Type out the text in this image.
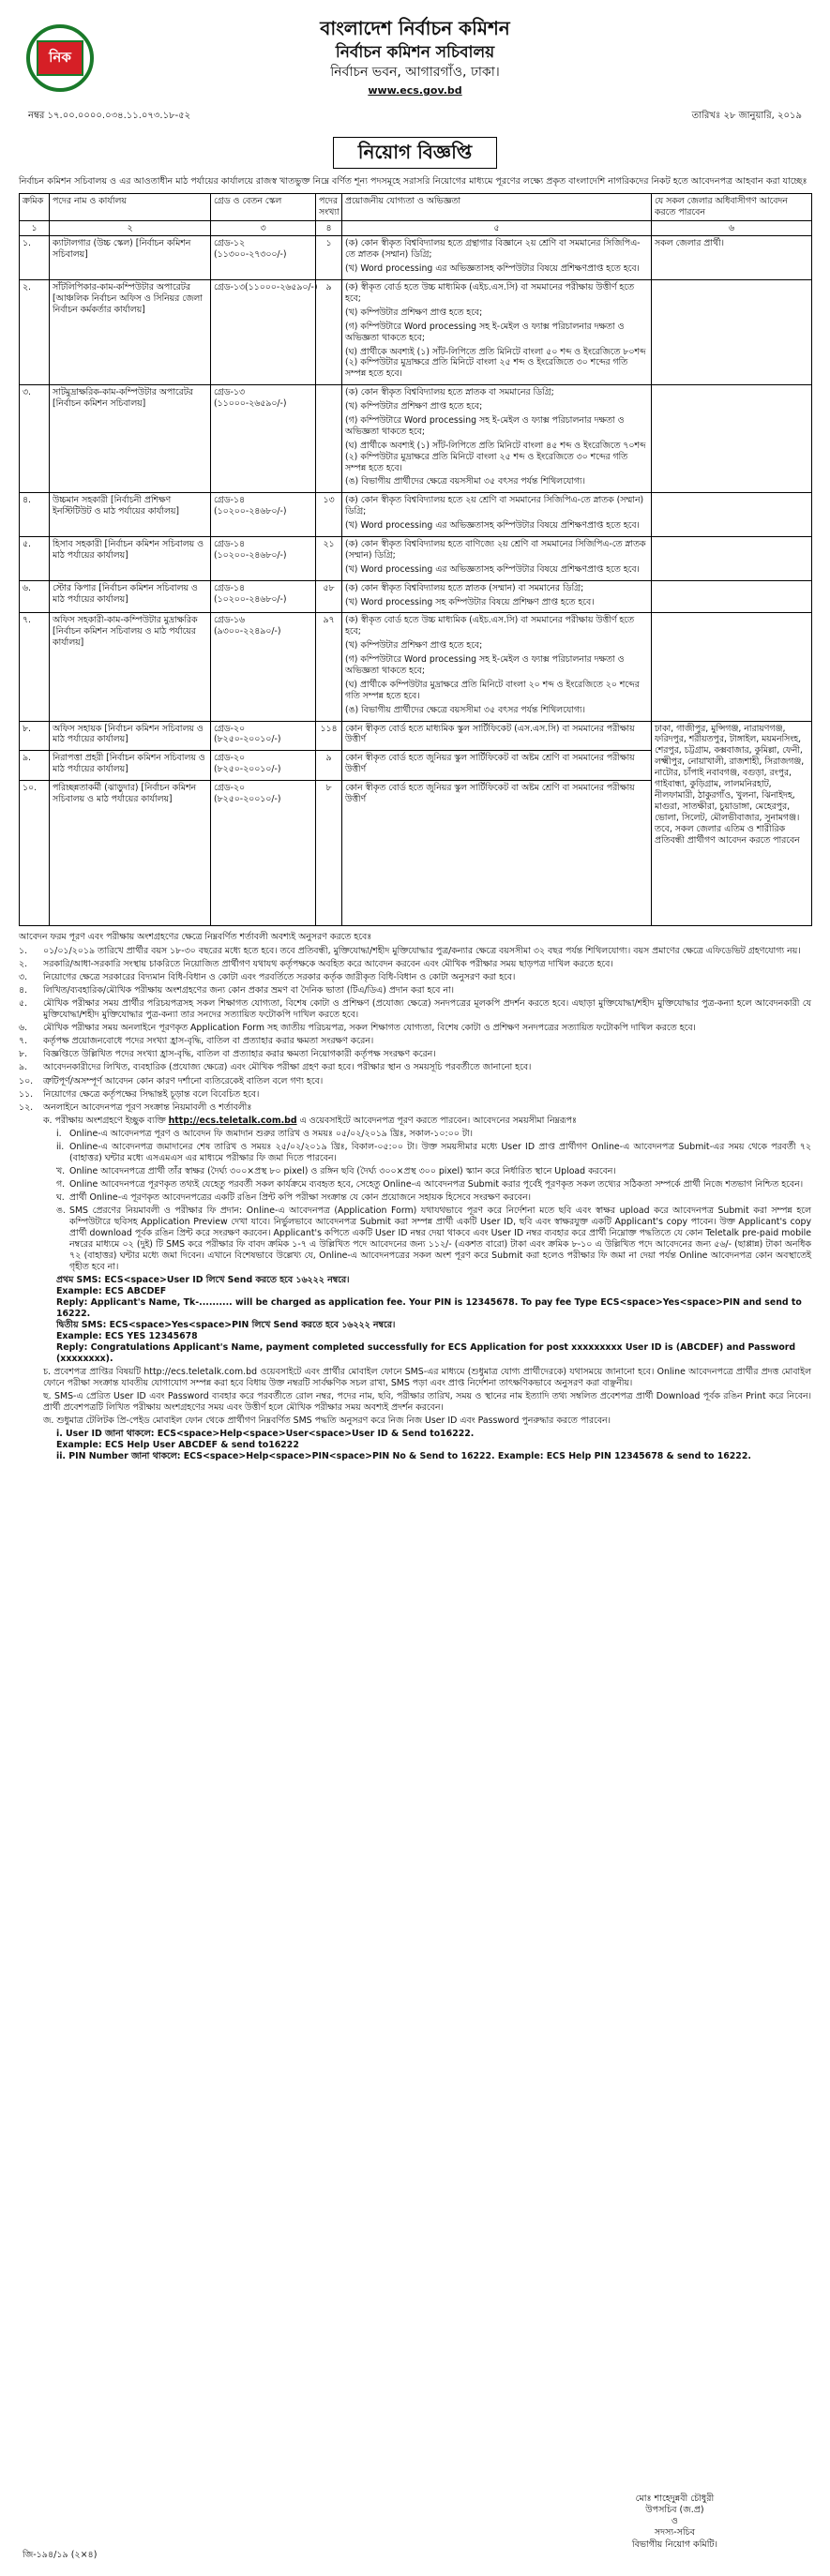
নিক
বাংলাদেশ নির্বাচন কমিশন
নির্বাচন কমিশন সচিবালয়
নির্বাচন ভবন, আগারগাঁও, ঢাকা।
www.ecs.gov.bd
নম্বর ১৭.০০.০০০০.০৩৪.১১.০৭৩.১৮-৫২	তারিখঃ ২৮ জানুয়ারি, ২০১৯
নিয়োগ বিজ্ঞপ্তি
নির্বাচন কমিশন সচিবালয় ও এর আওতাধীন মাঠ পর্যায়ের কার্যালয়ে রাজস্ব খাতভুক্ত নিম্নে বর্ণিত শূন্য পদসমূহে সরাসরি নিয়োগের মাধ্যমে পূরণের লক্ষ্যে প্রকৃত বাংলাদেশি নাগরিকদের নিকট হতে আবেদনপত্র আহবান করা যাচ্ছেঃ
ক্রমিক	পদের নাম ও কার্যালয়	গ্রেড ও বেতন স্কেল	পদের সংখ্যা	প্রয়োজনীয় যোগ্যতা ও অভিজ্ঞতা	যে সকল জেলার অধিবাসীগণ আবেদন করতে পারবেন
১	২	৩	৪	৫	৬
১.	ক্যাটালগার (উচ্চ স্কেল) [নির্বাচন কমিশন সচিবালয়]	গ্রেড-১২ (১১৩০০-২৭৩০০/-)	১	(ক) কোন স্বীকৃত বিশ্ববিদ্যালয় হতে গ্রন্থাগার বিজ্ঞানে ২য় শ্রেণি বা সমমানের সিজিপিএ-তে স্নাতক (সম্মান) ডিগ্রি;
(খ) Word processing এর অভিজ্ঞতাসহ কম্পিউটার বিষয়ে প্রশিক্ষণপ্রাপ্ত হতে হবে।	সকল জেলার প্রার্থী।
২.	সাঁটলিপিকার-কাম-কম্পিউটার অপারেটর [আঞ্চলিক নির্বাচন অফিস ও সিনিয়র জেলা নির্বাচন কর্মকর্তার কার্যালয়]	গ্রেড-১৩(১১০০০-২৬৫৯০/-)	৯	(ক) স্বীকৃত বোর্ড হতে উচ্চ মাধ্যমিক (এইচ.এস.সি) বা সমমানের পরীক্ষায় উত্তীর্ণ হতে হবে;
(খ) কম্পিউটার প্রশিক্ষণ প্রাপ্ত হতে হবে;
(গ) কম্পিউটারে Word processing সহ ই-মেইল ও ফ্যাক্স পরিচালনার দক্ষতা ও অভিজ্ঞতা থাকতে হবে;
(ঘ) প্রার্থীকে অবশ্যই (১) সাঁট-লিপিতে প্রতি মিনিটে বাংলা ৫০ শব্দ ও ইংরেজিতে ৮০শব্দ (২) কম্পিউটার মুদ্রাক্ষরে প্রতি মিনিটে বাংলা ২৫ শব্দ ও ইংরেজিতে ৩০ শব্দের গতি সম্পন্ন হতে হবে।	

৩.	সাটমুদ্রাক্ষরিক-কাম-কম্পিউটার অপারেটর [নির্বাচন কমিশন সচিবালয়]	গ্রেড-১৩ (১১০০০-২৬৫৯০/-)		(ক) কোন স্বীকৃত বিশ্ববিদ্যালয় হতে স্নাতক বা সমমানের ডিগ্রি;
(খ) কম্পিউটার প্রশিক্ষণ প্রাপ্ত হতে হবে;
(গ) কম্পিউটারে Word processing সহ ই-মেইল ও ফ্যাক্স পরিচালনার দক্ষতা ও অভিজ্ঞতা থাকতে হবে;
(ঘ) প্রার্থীকে অবশ্যই (১) সাঁট-লিপিতে প্রতি মিনিটে বাংলা ৪৫ শব্দ ও ইংরেজিতে ৭০শব্দ (২) কম্পিউটার মুদ্রাক্ষরে প্রতি মিনিটে বাংলা ২৫ শব্দ ও ইংরেজিতে ৩০ শব্দের গতি সম্পন্ন হতে হবে।
(ঙ) বিভাগীয় প্রার্থীদের ক্ষেত্রে বয়সসীমা ৩৫ বৎসর পর্যন্ত শিথিলযোগ্য।	

৪.	উচ্চমান সহকারী [নির্বাচনী প্রশিক্ষণ ইনস্টিটিউট ও মাঠ পর্যায়ের কার্যালয়]	গ্রেড-১৪ (১০২০০-২৪৬৮০/-)	১৩	(ক) কোন স্বীকৃত বিশ্ববিদ্যালয় হতে ২য় শ্রেণি বা সমমানের সিজিপিএ-তে স্নাতক (সম্মান) ডিগ্রি;
(খ) Word processing এর অভিজ্ঞতাসহ কম্পিউটার বিষয়ে প্রশিক্ষণপ্রাপ্ত হতে হবে।	

৫.	হিসাব সহকারী [নির্বাচন কমিশন সচিবালয় ও মাঠ পর্যায়ের কার্যালয়]	গ্রেড-১৪ (১০২০০-২৪৬৮০/-)	২১	(ক) কোন স্বীকৃত বিশ্ববিদ্যালয় হতে বাণিজ্যে ২য় শ্রেণি বা সমমানের সিজিপিএ-তে স্নাতক (সম্মান) ডিগ্রি;
(খ) Word processing এর অভিজ্ঞতাসহ কম্পিউটার বিষয়ে প্রশিক্ষণপ্রাপ্ত হতে হবে।	

৬.	স্টোর কিপার [নির্বাচন কমিশন সচিবালয় ও মাঠ পর্যায়ের কার্যালয়]	গ্রেড-১৪ (১০২০০-২৪৬৮০/-)	৫৮	(ক) কোন স্বীকৃত বিশ্ববিদ্যালয় হতে স্নাতক (সম্মান) বা সমমানের ডিগ্রি;
(খ) Word processing সহ কম্পিউটার বিষয়ে প্রশিক্ষণ প্রাপ্ত হতে হবে।	

৭.	অফিস সহকারী-কাম-কম্পিউটার মুদ্রাক্ষরিক [নির্বাচন কমিশন সচিবালয় ও মাঠ পর্যায়ের কার্যালয়]	গ্রেড-১৬ (৯৩০০-২২৪৯০/-)	৯৭	(ক) স্বীকৃত বোর্ড হতে উচ্চ মাধ্যমিক (এইচ.এস.সি) বা সমমানের পরীক্ষায় উত্তীর্ণ হতে হবে;
(খ) কম্পিউটার প্রশিক্ষণ প্রাপ্ত হতে হবে;
(গ) কম্পিউটারে Word processing সহ ই-মেইল ও ফ্যাক্স পরিচালনার দক্ষতা ও অভিজ্ঞতা থাকতে হবে;
(ঘ) প্রার্থীকে কম্পিউটার মুদ্রাক্ষরে প্রতি মিনিটে বাংলা ২০ শব্দ ও ইংরেজিতে ২০ শব্দের গতি সম্পন্ন হতে হবে।
(ঙ) বিভাগীয় প্রার্থীদের ক্ষেত্রে বয়সসীমা ৩৫ বৎসর পর্যন্ত শিথিলযোগ্য।	

৮.	অফিস সহায়ক [নির্বাচন কমিশন সচিবালয় ও মাঠ পর্যায়ের কার্যালয়]	গ্রেড-২০ (৮২৫০-২০০১০/-)	১১৪	কোন স্বীকৃত বোর্ড হতে মাধ্যমিক স্কুল সার্টিফিকেট (এস.এস.সি) বা সমমানের পরীক্ষায় উত্তীর্ণ	ঢাকা, গাজীপুর, মুন্সিগঞ্জ, নারায়ণগঞ্জ, ফরিদপুর, শরীয়তপুর, টাঙ্গাইল, ময়মনসিংহ, শেরপুর, চট্টগ্রাম, কক্সবাজার, কুমিল্লা, ফেনী, লক্ষ্মীপুর, নোয়াখালী, রাজশাহী, সিরাজগঞ্জ, নাটোর, চাঁপাই নবাবগঞ্জ, বগুড়া, রংপুর, গাইবান্ধা, কুড়িগ্রাম, লালমনিরহাট, নীলফামারী, ঠাকুরগাঁও, খুলনা, ঝিনাইদহ, মাগুরা, সাতক্ষীরা, চুয়াডাঙ্গা, মেহেরপুর, ভোলা, সিলেট, মৌলভীবাজার, সুনামগঞ্জ। তবে, সকল জেলার এতিম ও শারীরিক প্রতিবন্ধী প্রার্থীগণ আবেদন করতে পারবেন
৯.	নিরাপত্তা প্রহরী [নির্বাচন কমিশন সচিবালয় ও মাঠ পর্যায়ের কার্যালয়]	গ্রেড-২০ (৮২৫০-২০০১০/-)	৯	কোন স্বীকৃত বোর্ড হতে জুনিয়র স্কুল সার্টিফিকেট বা অষ্টম শ্রেণি বা সমমানের পরীক্ষায় উত্তীর্ণ	

১০.	পরিচ্ছন্নতাকর্মী (ঝাড়ুদার) [নির্বাচন কমিশন সচিবালয় ও মাঠ পর্যায়ের কার্যালয়]	গ্রেড-২০ (৮২৫০-২০০১০/-)	৮	কোন স্বীকৃত বোর্ড হতে জুনিয়র স্কুল সার্টিফিকেট বা অষ্টম শ্রেণি বা সমমানের পরীক্ষায় উত্তীর্ণ	
আবেদন ফরম পূরণ এবং পরীক্ষায় অংশগ্রহণের ক্ষেত্রে নিম্নবর্ণিত শর্তাবলী অবশ্যই অনুসরণ করতে হবেঃ
১.	০১/০১/২০১৯ তারিখে প্রার্থীর বয়স ১৮-৩০ বছরের মধ্যে হতে হবে। তবে প্রতিবন্ধী, মুক্তিযোদ্ধা/শহীদ মুক্তিযোদ্ধার পুত্র/কন্যার ক্ষেত্রে বয়সসীমা ৩২ বছর পর্যন্ত শিথিলযোগ্য। বয়স প্রমাণের ক্ষেত্রে এফিডেভিট গ্রহণযোগ্য নয়।
২.	সরকারি/আধা-সরকারি সংস্থায় চাকরিতে নিয়োজিত প্রার্থীগণ যথাযথ কর্তৃপক্ষকে অবহিত করে আবেদন করবেন এবং মৌখিক পরীক্ষার সময় ছাড়পত্র দাখিল করতে হবে।
৩.	নিয়োগের ক্ষেত্রে সরকারের বিদ্যমান বিধি-বিধান ও কোটা এবং পরবর্তিতে সরকার কর্তৃক জারীকৃত বিধি-বিধান ও কোটা অনুসরণ করা হবে।
৪.	লিখিত/ব্যবহারিক/মৌখিক পরীক্ষায় অংশগ্রহণের জন্য কোন প্রকার ভ্রমণ বা দৈনিক ভাতা (টিএ/ডিএ) প্রদান করা হবে না।
৫.	মৌখিক পরীক্ষার সময় প্রার্থীর পরিচয়পত্রসহ সকল শিক্ষাগত যোগ্যতা, বিশেষ কোটা ও প্রশিক্ষণ (প্রযোজ্য ক্ষেত্রে) সনদপত্রের মূলকপি প্রদর্শন করতে হবে। এছাড়া মুক্তিযোদ্ধা/শহীদ মুক্তিযোদ্ধার পুত্র-কন্যা হলে আবেদনকারী যে মুক্তিযোদ্ধা/শহীদ মুক্তিযোদ্ধার পুত্র-কন্যা তার সনদের সত্যায়িত ফটোকপি দাখিল করতে হবে।
৬.	মৌখিক পরীক্ষার সময় অনলাইনে পূরণকৃত Application Form সহ জাতীয় পরিচয়পত্র, সকল শিক্ষাগত যোগ্যতা, বিশেষ কোটা ও প্রশিক্ষণ সনদপত্রের সত্যায়িত ফটোকপি দাখিল করতে হবে।
৭.	কর্তৃপক্ষ প্রয়োজনবোধে পদের সংখ্যা হ্রাস-বৃদ্ধি, বাতিল বা প্রত্যাহার করার ক্ষমতা সংরক্ষণ করেন।
৮.	বিজ্ঞপ্তিতে উল্লিখিত পদের সংখ্যা হ্রাস-বৃদ্ধি, বাতিল বা প্রত্যাহার করার ক্ষমতা নিয়োগকারী কর্তৃপক্ষ সংরক্ষণ করেন।
৯.	আবেদনকারীদের লিখিত, ব্যবহারিক (প্রযোজ্য ক্ষেত্রে) এবং মৌখিক পরীক্ষা গ্রহণ করা হবে। পরীক্ষার স্থান ও সময়সূচি পরবর্তীতে জানানো হবে।
১০.	ত্রুটিপূর্ণ/অসম্পূর্ণ আবেদন কোন কারণ দর্শানো ব্যতিরেকেই বাতিল বলে গণ্য হবে।
১১.	নিয়োগের ক্ষেত্রে কর্তৃপক্ষের সিদ্ধান্তই চূড়ান্ত বলে বিবেচিত হবে।
১২.	অনলাইনে আবেদনপত্র পূরণ সংক্রান্ত নিয়মাবলী ও শর্তাবলীঃ
ক. পরীক্ষায় অংশগ্রহণে ইচ্ছুক ব্যক্তি http://ecs.teletalk.com.bd এ ওয়েবসাইটে আবেদনপত্র পূরণ করতে পারবেন। আবেদনের সময়সীমা নিম্নরূপঃ
i. Online-এ আবেদনপত্র পূরণ ও আবেদন ফি জমাদান শুরুর তারিখ ও সময়ঃ ০৫/০২/২০১৯ খ্রিঃ, সকাল-১০:০০ টা।
ii. Online-এ আবেদনপত্র জমাদানের শেষ তারিখ ও সময়ঃ ২৫/০২/২০১৯ খ্রিঃ, বিকাল-০৫:০০ টা। উক্ত সময়সীমার মধ্যে User ID প্রাপ্ত প্রার্থীগণ Online-এ আবেদনপত্র Submit-এর সময় থেকে পরবর্তী ৭২ (বাহাত্তর) ঘন্টার মধ্যে এসএমএস এর মাধ্যমে পরীক্ষার ফি জমা দিতে পারবেন।
খ. Online আবেদনপত্রে প্রার্থী তাঁর স্বাক্ষর (দৈর্ঘ্য ৩০০×প্রস্থ ৮০ pixel) ও রঙ্গিন ছবি (দৈর্ঘ্য ৩০০×প্রস্থ ৩০০ pixel) স্ক্যান করে নির্ধারিত স্থানে Upload করবেন।
গ. Online আবেদনপত্রে পূরণকৃত তথ্যই যেহেতু পরবর্তী সকল কার্যক্রমে ব্যবহৃত হবে, সেহেতু Online-এ আবেদনপত্র Submit করার পূর্বেই পূরণকৃত সকল তথ্যের সঠিকতা সম্পর্কে প্রার্থী নিজে শতভাগ নিশ্চিত হবেন।
ঘ. প্রার্থী Online-এ পূরণকৃত আবেদনপত্রের একটি রঙিন প্রিন্ট কপি পরীক্ষা সংক্রান্ত যে কোন প্রয়োজনে সহায়ক হিসেবে সংরক্ষণ করবেন।
ঙ. SMS প্রেরণের নিয়মাবলী ও পরীক্ষার ফি প্রদান: Online-এ আবেদনপত্র (Application Form) যথাযথভাবে পূরণ করে নির্দেশনা মতে ছবি এবং স্বাক্ষর upload করে আবেদনপত্র Submit করা সম্পন্ন হলে কম্পিউটারে ছবিসহ Application Preview দেখা যাবে। নির্ভুলভাবে আবেদনপত্র Submit করা সম্পন্ন প্রার্থী একটি User ID, ছবি এবং স্বাক্ষরযুক্ত একটি Applicant's copy পাবেন। উক্ত Applicant's copy প্রার্থী download পূর্বক রঙিন প্রিন্ট করে সংরক্ষণ করবেন। Applicant's কপিতে একটি User ID নম্বর দেয়া থাকবে এবং User ID নম্বর ব্যবহার করে প্রার্থী নিম্নোক্ত পদ্ধতিতে যে কোন Teletalk pre-paid mobile নম্বরের মাধ্যমে ০২ (দুই) টি SMS করে পরীক্ষার ফি বাবদ ক্রমিক ১-৭ এ উল্লিখিত পদে আবেদনের জন্য ১১২/- (একশত বারো) টাকা এবং ক্রমিক ৮-১০ এ উল্লিখিত পদে আবেদনের জন্য ৫৬/- (ছাপ্পান্ন) টাকা অনধিক ৭২ (বাহাত্তর) ঘন্টার মধ্যে জমা দিবেন। এখানে বিশেষভাবে উল্লেখ্য যে, Online-এ আবেদনপত্রের সকল অংশ পূরণ করে Submit করা হলেও পরীক্ষার ফি জমা না দেয়া পর্যন্ত Online আবেদনপত্র কোন অবস্থাতেই গৃহীত হবে না।
প্রথম SMS: ECS<space>User ID লিখে Send করতে হবে ১৬২২২ নম্বরে।
Example: ECS ABCDEF
Reply: Applicant's Name, Tk-.......... will be charged as application fee. Your PIN is 12345678. To pay fee Type ECS<space>Yes<space>PIN and send to 16222.
দ্বিতীয় SMS: ECS<space>Yes<space>PIN লিখে Send করতে হবে ১৬২২২ নম্বরে।
Example: ECS YES 12345678
Reply: Congratulations Applicant's Name, payment completed successfully for ECS Application for post xxxxxxxxx User ID is (ABCDEF) and Password (xxxxxxxx).
চ. প্রবেশপত্র প্রাপ্তির বিষয়টি http://ecs.teletalk.com.bd ওয়েবসাইটে এবং প্রার্থীর মোবাইল ফোনে SMS-এর মাধ্যমে (শুধুমাত্র যোগ্য প্রার্থীদেরকে) যথাসময়ে জানানো হবে। Online আবেদনপত্রে প্রার্থীর প্রদত্ত মোবাইল ফোনে পরীক্ষা সংক্রান্ত যাবতীয় যোগাযোগ সম্পন্ন করা হবে বিধায় উক্ত নম্বরটি সার্বক্ষণিক সচল রাখা, SMS পড়া এবং প্রাপ্ত নির্দেশনা তাৎক্ষণিকভাবে অনুসরণ করা বাঞ্ছনীয়।
ছ. SMS-এ প্রেরিত User ID এবং Password ব্যবহার করে পরবর্তীতে রোল নম্বর, পদের নাম, ছবি, পরীক্ষার তারিখ, সময় ও স্থানের নাম ইত্যাদি তথ্য সম্বলিত প্রবেশপত্র প্রার্থী Download পূর্বক রঙিন Print করে নিবেন। প্রার্থী প্রবেশপত্রটি লিখিত পরীক্ষায় অংশগ্রহণের সময় এবং উত্তীর্ণ হলে মৌখিক পরীক্ষার সময় অবশ্যই প্রদর্শন করবেন।
জ. শুধুমাত্র টেলিটক প্রি-পেইড মোবাইল ফোন থেকে প্রার্থীগণ নিম্নবর্ণিত SMS পদ্ধতি অনুসরণ করে নিজ নিজ User ID এবং Password পুনরুদ্ধার করতে পারবেন।
i. User ID জানা থাকলে: ECS<space>Help<space>User<space>User ID & Send to16222.
Example: ECS Help User ABCDEF & send to16222
ii. PIN Number জানা থাকলে: ECS<space>Help<space>PIN<space>PIN No & Send to 16222. Example: ECS Help PIN 12345678 & send to 16222.
মোঃ শাহেদুন্নবী চৌধুরী
উপসচিব (জ.প্র)
ও
সদস্য-সচিব
বিভাগীয় নিয়োগ কমিটি।
জি-১৯৪/১৯ (২×৪)
